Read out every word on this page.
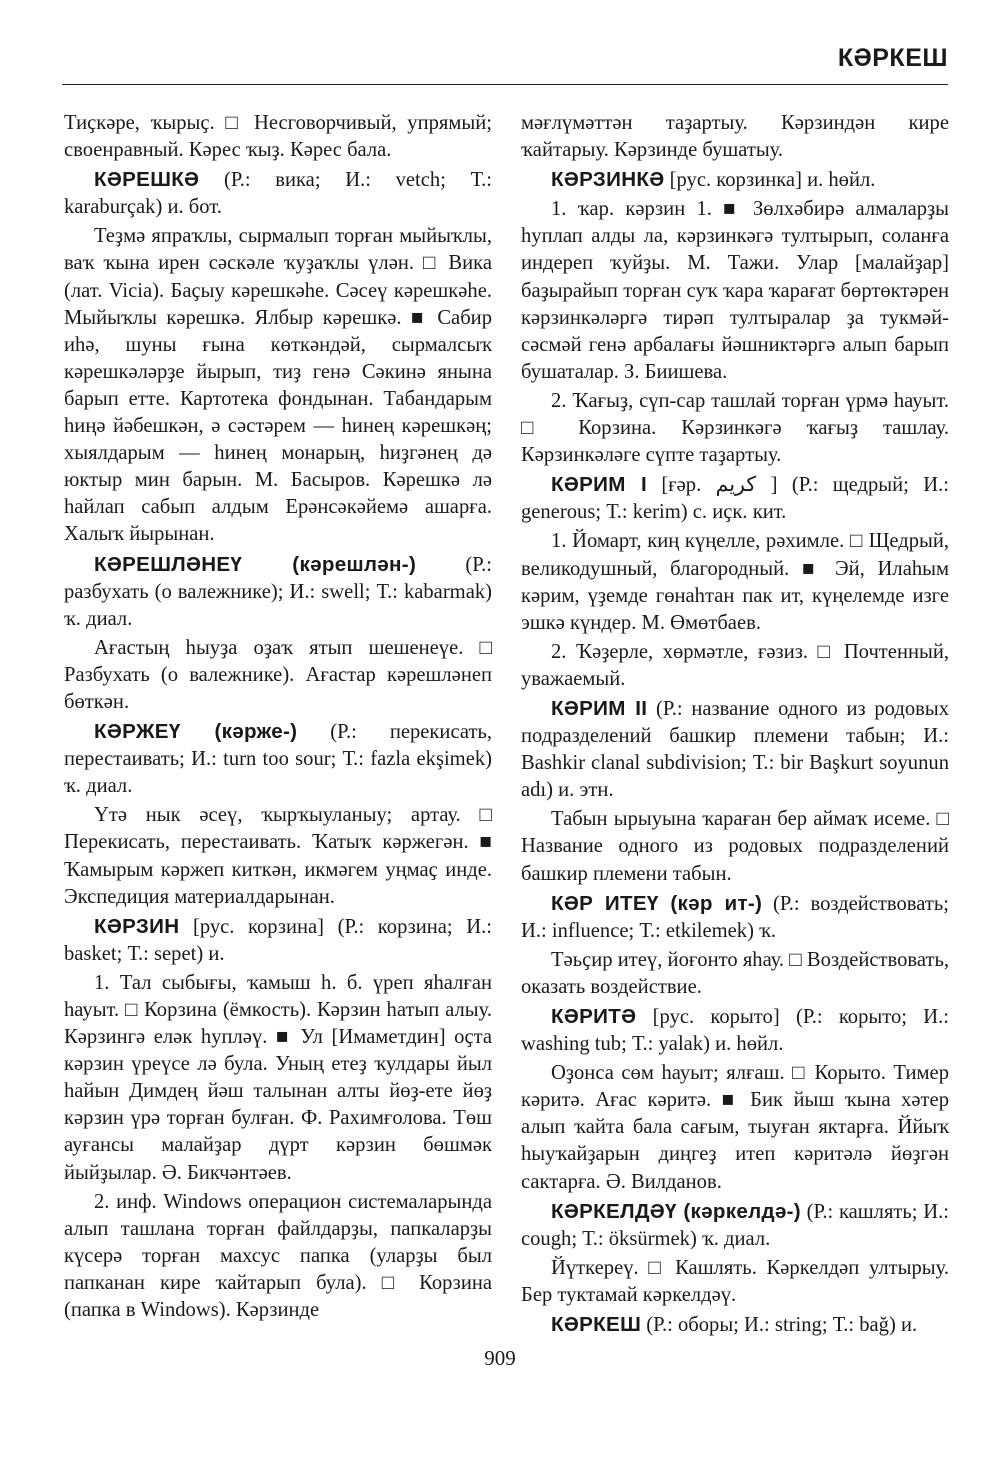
КӘРКЕШ

Тиҫкәре, ҡырыҫ. □ Несговорчивый, упрямый; своенравный. Кәрес ҡыҙ. Кәрес бала.

КӘРЕШКӘ (Р.: вика; И.: vetch; Т.: karaburçak) и. бот.

Теҙмә япраҡлы, сырмалып торған мыйыҡлы, ваҡ ҡына ирен сәскәле ҡуҙаҡлы үлән. □ Вика (лат. Vicia). Баҫыу кәрешкәһе. Сәсеү кәрешкәһе. Мыйыҡлы кәрешкә. Ялбыр кәрешкә. ■ Сабир иһә, шуны ғына көткәндәй, сырмалсыҡ кәрешкәләрҙе йырып, тиҙ генә Сәкинә янына барып етте. Картотека фондынан. Табандарым һиңә йәбешкән, ә сәстәрем — һинең кәрешкәң; хыялдарым — һинең монарың, һиҙгәнең дә юктыр мин барын. М. Басыров. Кәрешкә лә һайлап сабып алдым Ерәнсәкәйемә ашарға. Халыҡ йырынан.

КӘРЕШЛӘНЕҮ (кәрешлән-) (Р.: разбухать (о валежнике); И.: swell; Т.: kabarmak) ҡ. диал.

Ағастың һыуҙа оҙаҡ ятып шешенеүе. □ Разбухать (о валежнике). Ағастар кәрешләнеп бөткән.

КӘРЖЕҮ (кәрже-) (Р.: перекисать, перестаивать; И.: turn too sour; Т.: fazla ekşimek) ҡ. диал.

Үтә нык әсеү, ҡырҡыуланыу; артау. □ Перекисать, перестаивать. Ҡатыҡ кәржегән. ■ Ҡамырым кәржеп киткән, икмәгем уңмаҫ инде. Экспедиция материалдарынан.

КӘРЗИН [рус. корзина] (Р.: корзина; И.: basket; Т.: sepet) и.

1. Тал сыбығы, ҡамыш һ. б. үреп яһалған һауыт. □ Корзина (ёмкость). Кәрзин һатып алыу. Кәрзингә еләк һупләү. ■ Ул [Имаметдин] оҫта кәрзин үреүсе лә була. Уның етеҙ ҡулдары йыл һайын Димдең йәш талынан алты йөҙ-ете йөҙ кәрзин үрә торған булған. Ф. Рахимғолова. Төш ауғансы малайҙар дүрт кәрзин бөшмәк йыйҙылар. Ә. Бикчәнтәев.

2. инф. Windows операцион системаларында алып ташлана торған файлдарҙы, папкаларҙы күсерә торған махсус папка (уларҙы был папканан кире ҡайтарып була). □ Корзина (папка в Windows). Кәрзинде

мәғлүмәттән таҙартыу. Кәрзиндән кире ҡайтарыу. Кәрзинде бушатыу.

КӘРЗИНКӘ [рус. корзинка] и. һөйл.

1. ҡар. кәрзин 1. ■ Зөлхәбирә алмаларҙы һуплап алды ла, кәрзинкәгә тултырып, соланға индереп ҡуйҙы. М. Тажи. Улар [малайҙар] баҙырайып торған суҡ ҡара ҡарағат бөртөктәрен кәрзинкәләргә тирәп тултыралар ҙа тукмәй-сәсмәй генә арбалағы йәшниктәргә алып барып бушаталар. З. Биишева.

2. Ҡағыҙ, сүп-сар ташлай торған үрмә һауыт. □ Корзина. Кәрзинкәгә ҡағыҙ ташлау. Кәрзинкәләге сүпте таҙартыу.

КӘРИМ I [ғәр. کريم ] (Р.: щедрый; И.: generous; Т.: kerim) с. иҫк. кит.

1. Йомарт, киң күңелле, рәхимле. □ Щедрый, великодушный, благородный. ■ Эй, Илаһым кәрим, үҙемде гөнаһтан пак ит, күңелемде изге эшкә күндер. М. Өмөтбаев.

2. Ҡәҙерле, хөрмәтле, ғәзиз. □ Почтенный, уважаемый.

КӘРИМ II (Р.: название одного из родовых подразделений башкир племени табын; И.: Bashkir clanal subdivision; Т.: bir Başkurt soyunun adı) и. этн.

Табын ырыуына ҡараған бер аймаҡ исеме. □ Название одного из родовых подразделений башкир племени табын.

КӘР ИТЕҮ (кәр ит-) (Р.: воздействовать; И.: influence; Т.: etkilemek) ҡ.

Тәьҫир итеү, йоғонто яһау. □ Воздействовать, оказать воздействие.

КӘРИТӘ [рус. корыто] (Р.: корыто; И.: washing tub; Т.: yalak) и. һөйл.

Оҙонса сөм һауыт; ялғаш. □ Корыто. Тимер кәритә. Ағас кәритә. ■ Бик йыш ҡына хәтер алып ҡайта бала сағым, тыуған яктарға. Ййыҡ һыуҡайҙарын диңгеҙ итеп кәритәлә йөҙгән сактарға. Ә. Вилданов.

КӘРКЕЛДӘҮ (кәркелдә-) (Р.: кашлять; И.: cough; Т.: öksürmek) ҡ. диал.

Йүткереү. □ Кашлять. Кәркелдәп ултырыу. Бер туктамай кәркелдәү.

КӘРКЕШ (Р.: оборы; И.: string; Т.: bağ) и.

909
